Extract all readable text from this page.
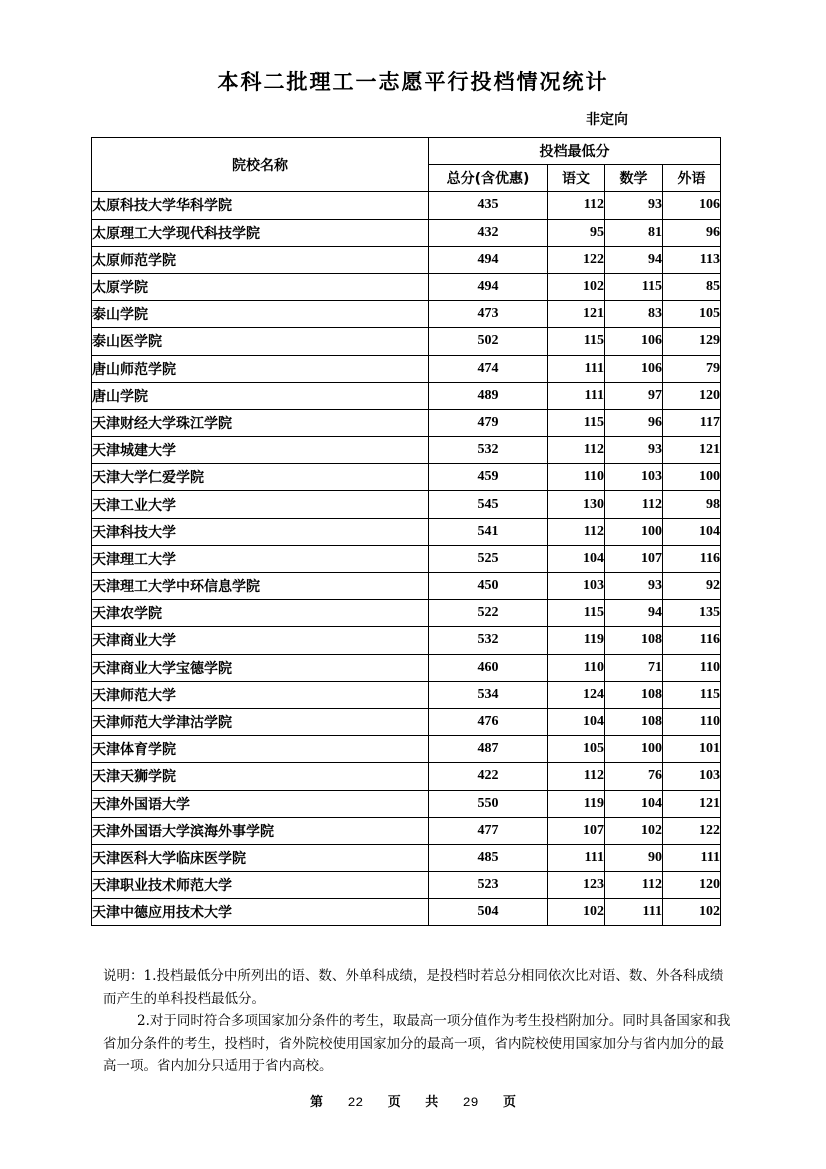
本科二批理工一志愿平行投档情况统计
非定向
院校名称	投档最低分			
	总分(含优惠)	语文	数学	外语
太原科技大学华科学院	435	112	93	106
太原理工大学现代科技学院	432	95	81	96
太原师范学院	494	122	94	113
太原学院	494	102	115	85
泰山学院	473	121	83	105
泰山医学院	502	115	106	129
唐山师范学院	474	111	106	79
唐山学院	489	111	97	120
天津财经大学珠江学院	479	115	96	117
天津城建大学	532	112	93	121
天津大学仁爱学院	459	110	103	100
天津工业大学	545	130	112	98
天津科技大学	541	112	100	104
天津理工大学	525	104	107	116
天津理工大学中环信息学院	450	103	93	92
天津农学院	522	115	94	135
天津商业大学	532	119	108	116
天津商业大学宝德学院	460	110	71	110
天津师范大学	534	124	108	115
天津师范大学津沽学院	476	104	108	110
天津体育学院	487	105	100	101
天津天狮学院	422	112	76	103
天津外国语大学	550	119	104	121
天津外国语大学滨海外事学院	477	107	102	122
天津医科大学临床医学院	485	111	90	111
天津职业技术师范大学	523	123	112	120
天津中德应用技术大学	504	102	111	102

说明：1.投档最低分中所列出的语、数、外单科成绩，是投档时若总分相同依次比对语、数、外各科成绩而产生的单科投档最低分。

2.对于同时符合多项国家加分条件的考生，取最高一项分值作为考生投档附加分。同时具备国家和我省加分条件的考生，投档时，省外院校使用国家加分的最高一项，省内院校使用国家加分与省内加分的最高一项。省内加分只适用于省内高校。

第 22 页 共 29 页
